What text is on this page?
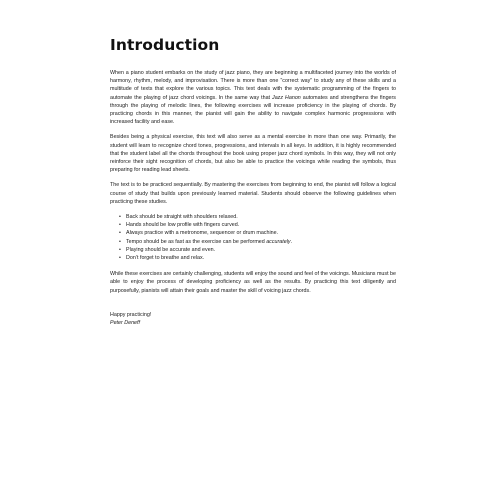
Introduction

When a piano student embarks on the study of jazz piano, they are beginning a multifaceted journey into the worlds of harmony, rhythm, melody, and improvisation. There is more than one “correct way” to study any of these skills and a multitude of texts that explore the various topics. This text deals with the systematic programming of the fingers to automate the playing of jazz chord voicings. In the same way that Jazz Hanon automates and strengthens the fingers through the playing of melodic lines, the following exercises will increase proficiency in the playing of chords. By practicing chords in this manner, the pianist will gain the ability to navigate complex harmonic progressions with increased facility and ease.

Besides being a physical exercise, this text will also serve as a mental exercise in more than one way. Primarily, the student will learn to recognize chord tones, progressions, and intervals in all keys. In addition, it is highly recommended that the student label all the chords throughout the book using proper jazz chord symbols. In this way, they will not only reinforce their sight recognition of chords, but also be able to practice the voicings while reading the symbols, thus preparing for reading lead sheets.

The text is to be practiced sequentially. By mastering the exercises from beginning to end, the pianist will follow a logical course of study that builds upon previously learned material. Students should observe the following guidelines when practicing these studies.

• Back should be straight with shoulders relaxed.
• Hands should be low profile with fingers curved.
• Always practice with a metronome, sequencer or drum machine.
• Tempo should be as fast as the exercise can be performed accurately.
• Playing should be accurate and even.
• Don’t forget to breathe and relax.

While these exercises are certainly challenging, students will enjoy the sound and feel of the voicings. Musicians must be able to enjoy the process of developing proficiency as well as the results. By practicing this text diligently and purposefully, pianists will attain their goals and master the skill of voicing jazz chords.

Happy practicing!
Peter Deneff
